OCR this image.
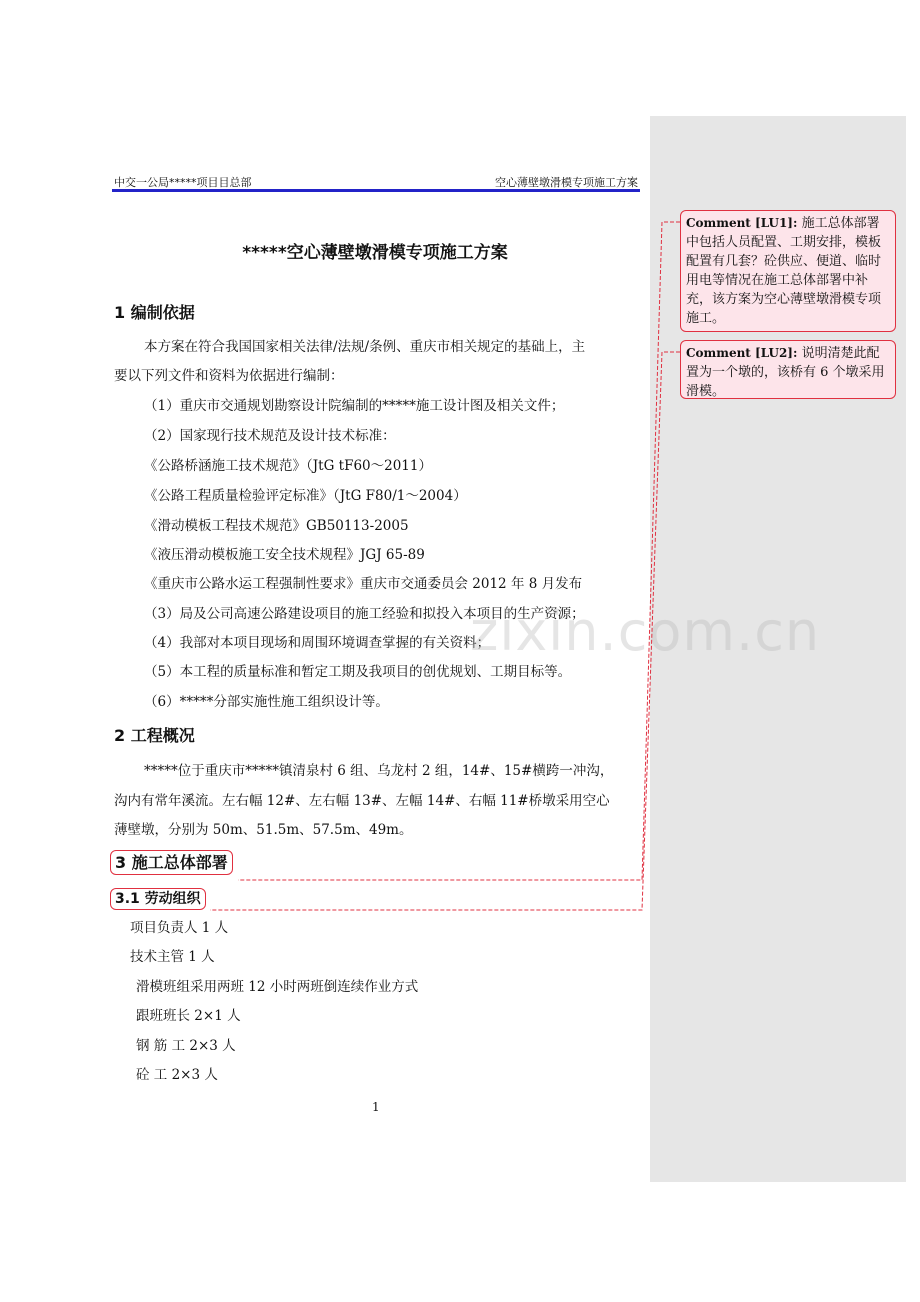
中交一公局*****项目目总部	空心薄壁墩滑模专项施工方案
*****空心薄壁墩滑模专项施工方案
1 编制依据
本方案在符合我国国家相关法律/法规/条例、重庆市相关规定的基础上，主
要以下列文件和资料为依据进行编制：
（1）重庆市交通规划勘察设计院编制的*****施工设计图及相关文件；
（2）国家现行技术规范及设计技术标准：
《公路桥涵施工技术规范》（JtG tF60～2011）
《公路工程质量检验评定标准》（JtG F80/1～2004）
《滑动模板工程技术规范》GB50113-2005
《液压滑动模板施工安全技术规程》JGJ 65-89
《重庆市公路水运工程强制性要求》重庆市交通委员会 2012 年 8 月发布
（3）局及公司高速公路建设项目的施工经验和拟投入本项目的生产资源；
（4）我部对本项目现场和周围环境调查掌握的有关资料；
（5）本工程的质量标准和暂定工期及我项目的创优规划、工期目标等。
（6）*****分部实施性施工组织设计等。
zixin.com.cn
2 工程概况
*****位于重庆市*****镇清泉村 6 组、乌龙村 2 组，14#、15#横跨一冲沟，
沟内有常年溪流。左右幅 12#、左右幅 13#、左幅 14#、右幅 11#桥墩采用空心
薄壁墩，分别为 50m、51.5m、57.5m、49m。
3 施工总体部署
3.1 劳动组织
项目负责人 1 人
技术主管 1 人
滑模班组采用两班 12 小时两班倒连续作业方式
跟班班长 2×1 人
钢 筋 工 2×3 人
砼 工 2×3 人
1
Comment [LU1]: 施工总体部署中包括人员配置、工期安排，模板配置有几套？砼供应、便道、临时用电等情况在施工总体部署中补充，该方案为空心薄壁墩滑模专项施工。
Comment [LU2]: 说明清楚此配置为一个墩的，该桥有 6 个墩采用滑模。
